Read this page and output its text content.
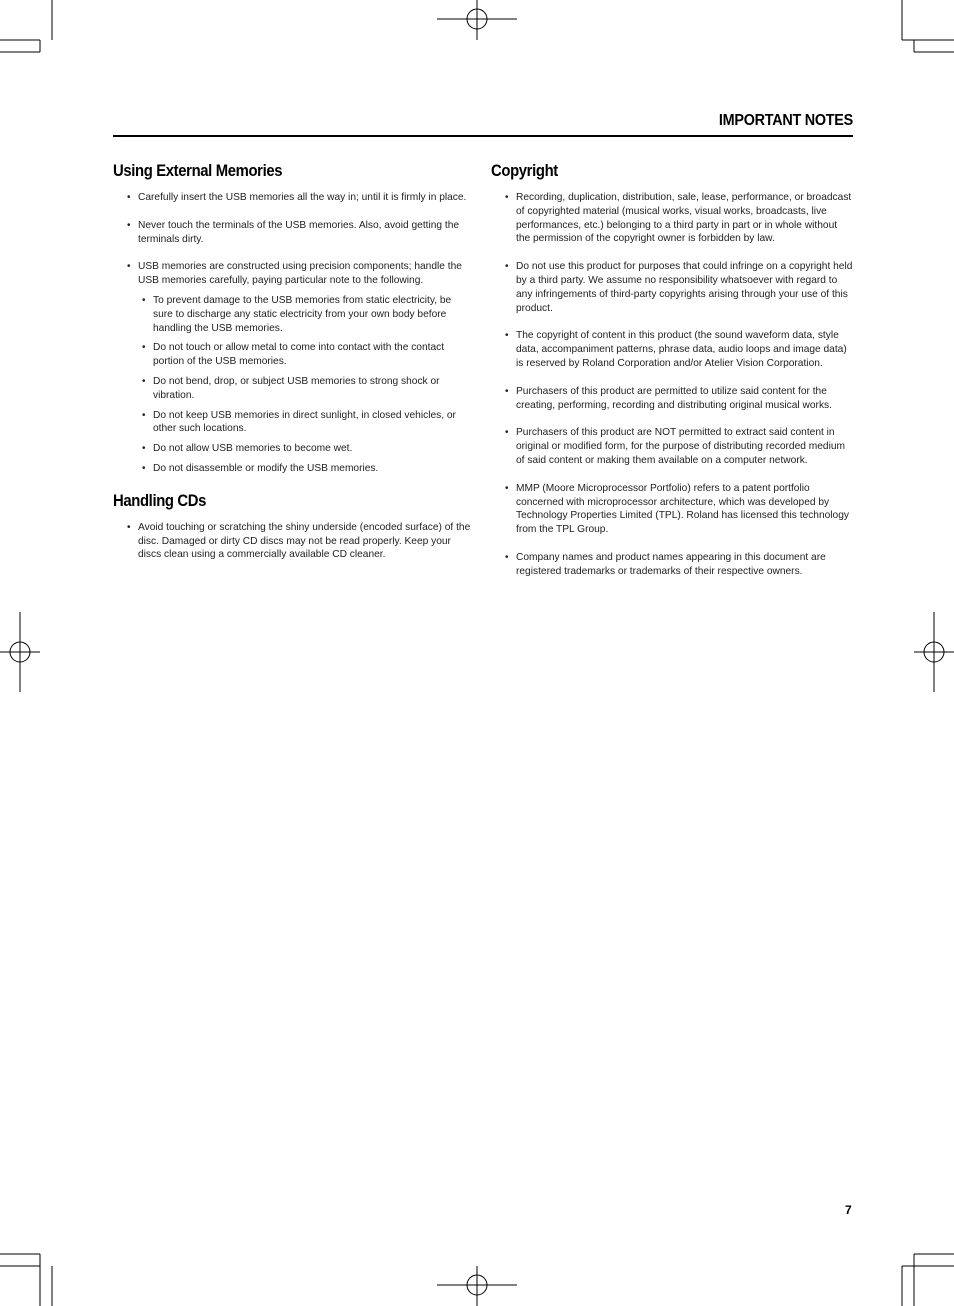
IMPORTANT NOTES
Using External Memories
• Carefully insert the USB memories all the way in; until it is firmly in place.
• Never touch the terminals of the USB memories. Also, avoid getting the terminals dirty.
• USB memories are constructed using precision components; handle the USB memories carefully, paying particular note to the following.
• To prevent damage to the USB memories from static electricity, be sure to discharge any static electricity from your own body before handling the USB memories.
• Do not touch or allow metal to come into contact with the contact portion of the USB memories.
• Do not bend, drop, or subject USB memories to strong shock or vibration.
• Do not keep USB memories in direct sunlight, in closed vehicles, or other such locations.
• Do not allow USB memories to become wet.
• Do not disassemble or modify the USB memories.
Handling CDs
• Avoid touching or scratching the shiny underside (encoded surface) of the disc. Damaged or dirty CD discs may not be read properly. Keep your discs clean using a commercially available CD cleaner.
Copyright
• Recording, duplication, distribution, sale, lease, performance, or broadcast of copyrighted material (musical works, visual works, broadcasts, live performances, etc.) belonging to a third party in part or in whole without the permission of the copyright owner is forbidden by law.
• Do not use this product for purposes that could infringe on a copyright held by a third party. We assume no responsibility whatsoever with regard to any infringements of third-party copyrights arising through your use of this product.
• The copyright of content in this product (the sound waveform data, style data, accompaniment patterns, phrase data, audio loops and image data) is reserved by Roland Corporation and/or Atelier Vision Corporation.
• Purchasers of this product are permitted to utilize said content for the creating, performing, recording and distributing original musical works.
• Purchasers of this product are NOT permitted to extract said content in original or modified form, for the purpose of distributing recorded medium of said content or making them available on a computer network.
• MMP (Moore Microprocessor Portfolio) refers to a patent portfolio concerned with microprocessor architecture, which was developed by Technology Properties Limited (TPL). Roland has licensed this technology from the TPL Group.
• Company names and product names appearing in this document are registered trademarks or trademarks of their respective owners.
7
